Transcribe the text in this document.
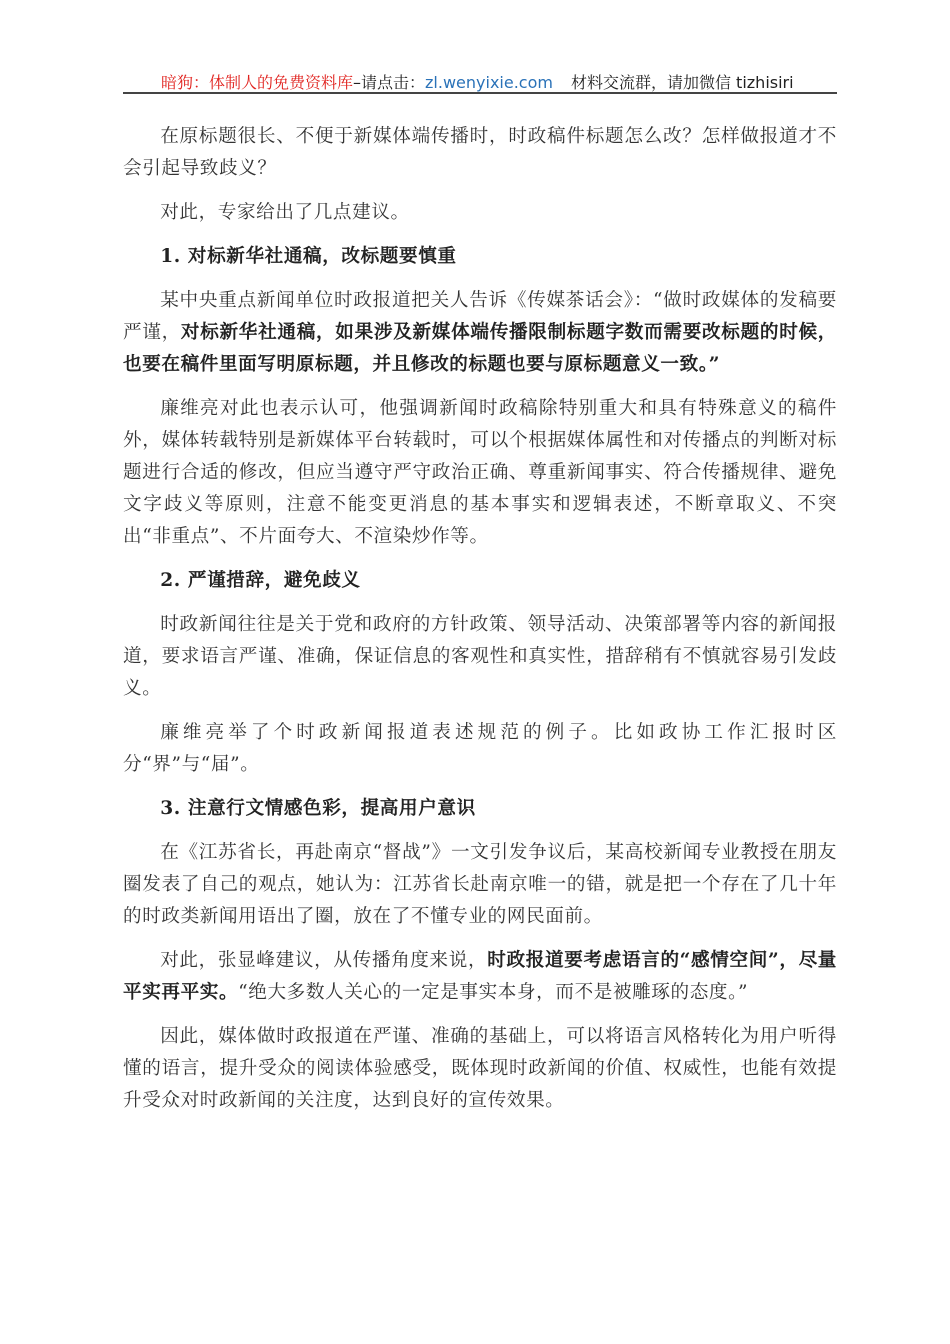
暗狗：体制人的免费资料库–请点击：zl.wenyixie.com 材料交流群，请加微信 tizhisiri

在原标题很长、不便于新媒体端传播时，时政稿件标题怎么改？怎样做报道才不会引起导致歧义？

对此，专家给出了几点建议。

1. 对标新华社通稿，改标题要慎重

某中央重点新闻单位时政报道把关人告诉《传媒茶话会》：“做时政媒体的发稿要严谨，对标新华社通稿，如果涉及新媒体端传播限制标题字数而需要改标题的时候，也要在稿件里面写明原标题，并且修改的标题也要与原标题意义一致。”

廉维亮对此也表示认可，他强调新闻时政稿除特别重大和具有特殊意义的稿件外，媒体转载特别是新媒体平台转载时，可以个根据媒体属性和对传播点的判断对标题进行合适的修改，但应当遵守严守政治正确、尊重新闻事实、符合传播规律、避免文字歧义等原则，注意不能变更消息的基本事实和逻辑表述，不断章取义、不突出“非重点”、不片面夸大、不渲染炒作等。

2. 严谨措辞，避免歧义

时政新闻往往是关于党和政府的方针政策、领导活动、决策部署等内容的新闻报道，要求语言严谨、准确，保证信息的客观性和真实性，措辞稍有不慎就容易引发歧义。

廉维亮举了个时政新闻报道表述规范的例子。比如政协工作汇报时区分“界”与“届”。

3. 注意行文情感色彩，提高用户意识

在《江苏省长，再赴南京“督战”》一文引发争议后，某高校新闻专业教授在朋友圈发表了自己的观点，她认为：江苏省长赴南京唯一的错，就是把一个存在了几十年的时政类新闻用语出了圈，放在了不懂专业的网民面前。

对此，张显峰建议，从传播角度来说，时政报道要考虑语言的“感情空间”，尽量平实再平实。“绝大多数人关心的一定是事实本身，而不是被雕琢的态度。”

因此，媒体做时政报道在严谨、准确的基础上，可以将语言风格转化为用户听得懂的语言，提升受众的阅读体验感受，既体现时政新闻的价值、权威性，也能有效提升受众对时政新闻的关注度，达到良好的宣传效果。
